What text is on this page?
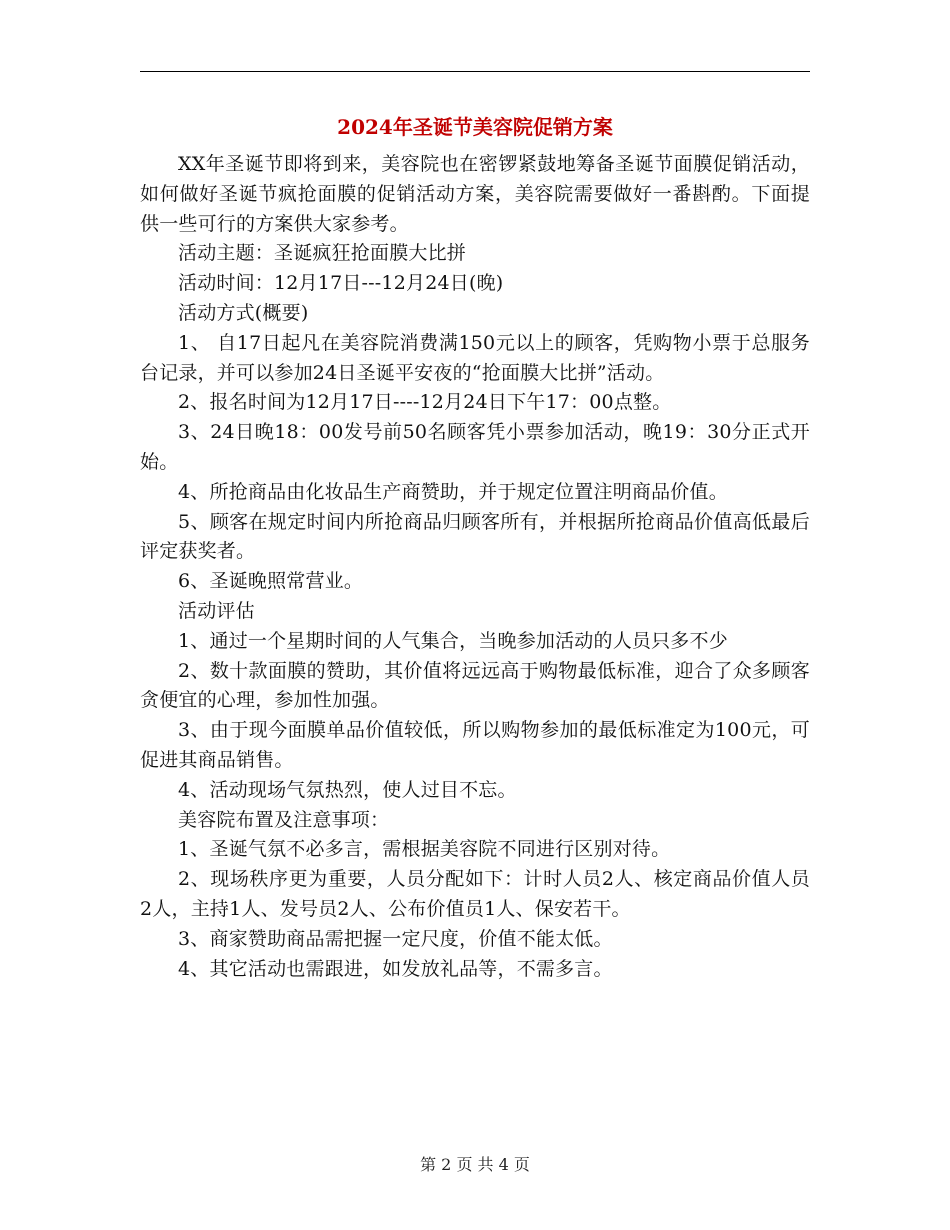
2024年圣诞节美容院促销方案

XX年圣诞节即将到来，美容院也在密锣紧鼓地筹备圣诞节面膜促销活动，如何做好圣诞节疯抢面膜的促销活动方案，美容院需要做好一番斟酌。下面提供一些可行的方案供大家参考。

活动主题：圣诞疯狂抢面膜大比拼

活动时间：12月17日---12月24日(晚)

活动方式(概要)

1、 自17日起凡在美容院消费满150元以上的顾客，凭购物小票于总服务台记录，并可以参加24日圣诞平安夜的“抢面膜大比拼”活动。

2、报名时间为12月17日----12月24日下午17：00点整。

3、24日晚18：00发号前50名顾客凭小票参加活动，晚19：30分正式开始。

4、所抢商品由化妆品生产商赞助，并于规定位置注明商品价值。

5、顾客在规定时间内所抢商品归顾客所有，并根据所抢商品价值高低最后评定获奖者。

6、圣诞晚照常营业。

活动评估

1、通过一个星期时间的人气集合，当晚参加活动的人员只多不少

2、数十款面膜的赞助，其价值将远远高于购物最低标准，迎合了众多顾客贪便宜的心理，参加性加强。

3、由于现今面膜单品价值较低，所以购物参加的最低标准定为100元，可促进其商品销售。

4、活动现场气氛热烈，使人过目不忘。

美容院布置及注意事项：

1、圣诞气氛不必多言，需根据美容院不同进行区别对待。

2、现场秩序更为重要，人员分配如下：计时人员2人、核定商品价值人员2人，主持1人、发号员2人、公布价值员1人、保安若干。

3、商家赞助商品需把握一定尺度，价值不能太低。

4、其它活动也需跟进，如发放礼品等，不需多言。

第 2 页 共 4 页
